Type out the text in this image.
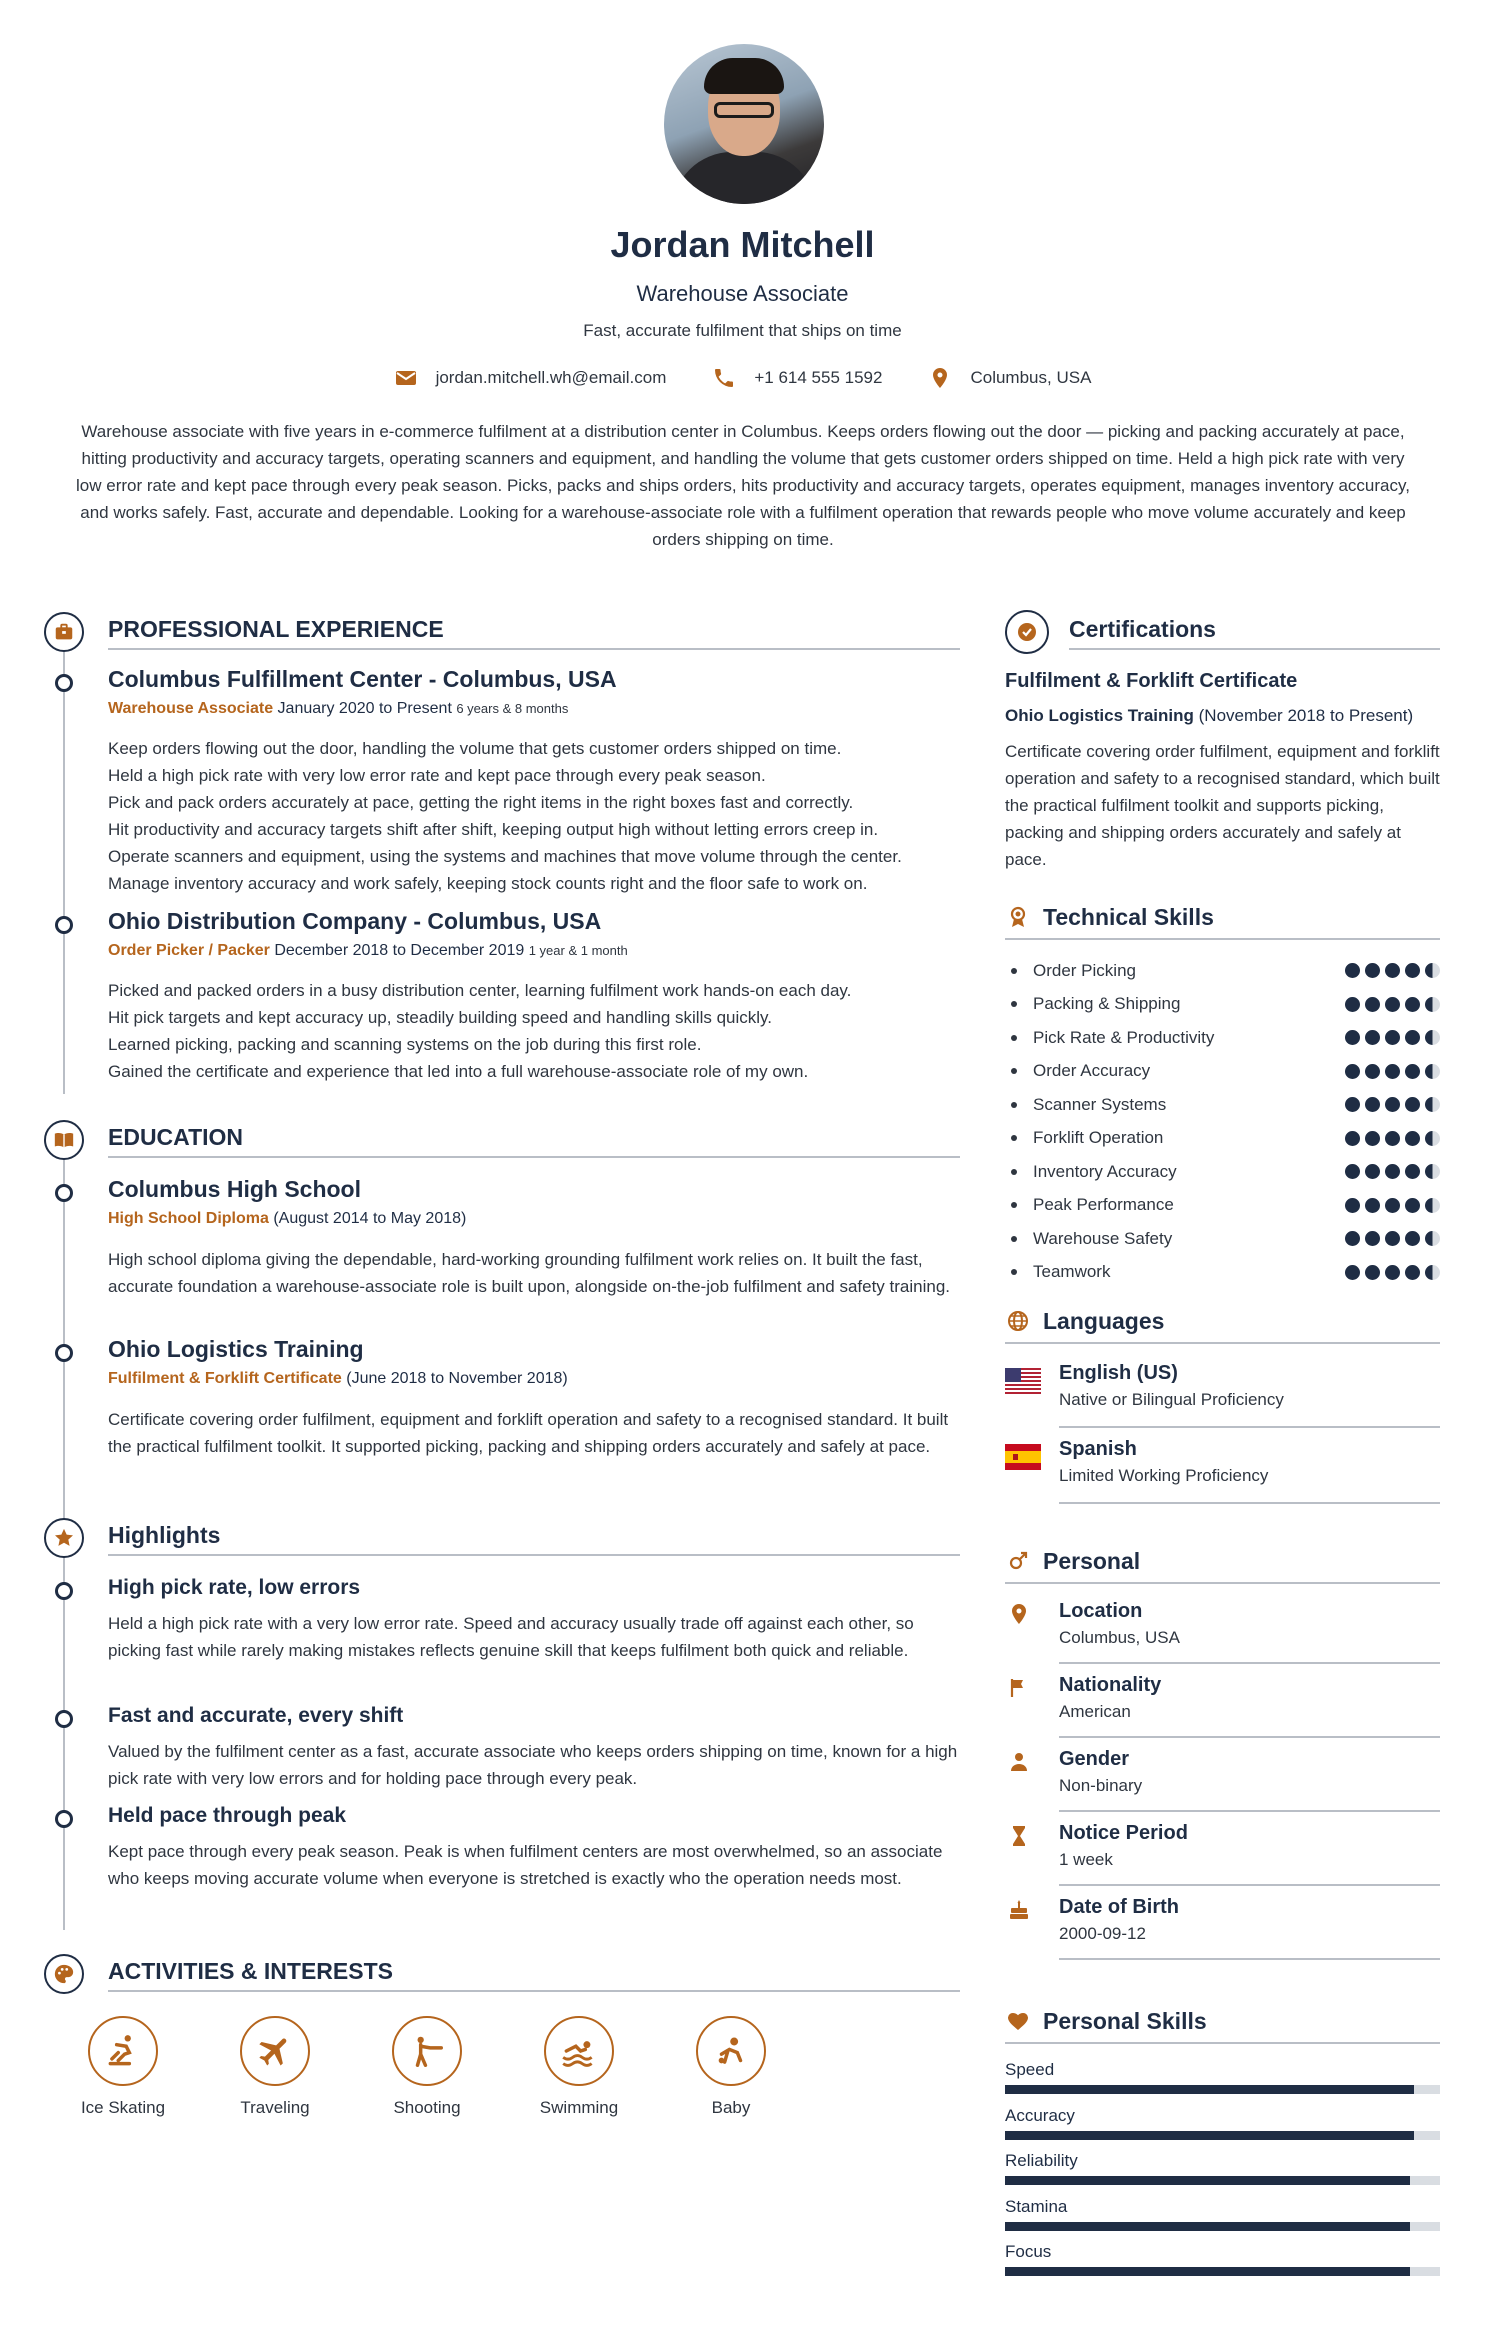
Jordan Mitchell
Warehouse Associate
Fast, accurate fulfilment that ships on time
jordan.mitchell.wh@email.com	+1 614 555 1592	Columbus, USA
Warehouse associate with five years in e-commerce fulfilment at a distribution center in Columbus. Keeps orders flowing out the door — picking and packing accurately at pace, hitting productivity and accuracy targets, operating scanners and equipment, and handling the volume that gets customer orders shipped on time. Held a high pick rate with very low error rate and kept pace through every peak season. Picks, packs and ships orders, hits productivity and accuracy targets, operates equipment, manages inventory accuracy, and works safely. Fast, accurate and dependable. Looking for a warehouse-associate role with a fulfilment operation that rewards people who move volume accurately and keep orders shipping on time.
PROFESSIONAL EXPERIENCE
Columbus Fulfillment Center - Columbus, USA
Warehouse Associate January 2020 to Present 6 years & 8 months
Keep orders flowing out the door, handling the volume that gets customer orders shipped on time.
Held a high pick rate with very low error rate and kept pace through every peak season.
Pick and pack orders accurately at pace, getting the right items in the right boxes fast and correctly.
Hit productivity and accuracy targets shift after shift, keeping output high without letting errors creep in.
Operate scanners and equipment, using the systems and machines that move volume through the center.
Manage inventory accuracy and work safely, keeping stock counts right and the floor safe to work on.
Ohio Distribution Company - Columbus, USA
Order Picker / Packer December 2018 to December 2019 1 year & 1 month
Picked and packed orders in a busy distribution center, learning fulfilment work hands-on each day.
Hit pick targets and kept accuracy up, steadily building speed and handling skills quickly.
Learned picking, packing and scanning systems on the job during this first role.
Gained the certificate and experience that led into a full warehouse-associate role of my own.
EDUCATION
Columbus High School
High School Diploma (August 2014 to May 2018)
High school diploma giving the dependable, hard-working grounding fulfilment work relies on. It built the fast, accurate foundation a warehouse-associate role is built upon, alongside on-the-job fulfilment and safety training.
Ohio Logistics Training
Fulfilment & Forklift Certificate (June 2018 to November 2018)
Certificate covering order fulfilment, equipment and forklift operation and safety to a recognised standard. It built the practical fulfilment toolkit. It supported picking, packing and shipping orders accurately and safely at pace.
Highlights
High pick rate, low errors
Held a high pick rate with a very low error rate. Speed and accuracy usually trade off against each other, so picking fast while rarely making mistakes reflects genuine skill that keeps fulfilment both quick and reliable.
Fast and accurate, every shift
Valued by the fulfilment center as a fast, accurate associate who keeps orders shipping on time, known for a high pick rate with very low errors and for holding pace through every peak.
Held pace through peak
Kept pace through every peak season. Peak is when fulfilment centers are most overwhelmed, so an associate who keeps moving accurate volume when everyone is stretched is exactly who the operation needs most.
ACTIVITIES & INTERESTS
Ice Skating	Traveling	Shooting	Swimming	Baby
Certifications
Fulfilment & Forklift Certificate
Ohio Logistics Training (November 2018 to Present)
Certificate covering order fulfilment, equipment and forklift operation and safety to a recognised standard, which built the practical fulfilment toolkit and supports picking, packing and shipping orders accurately and safely at pace.
Technical Skills
Order Picking
Packing & Shipping
Pick Rate & Productivity
Order Accuracy
Scanner Systems
Forklift Operation
Inventory Accuracy
Peak Performance
Warehouse Safety
Teamwork
Languages
English (US)
Native or Bilingual Proficiency
Spanish
Limited Working Proficiency
Personal
Location
Columbus, USA
Nationality
American
Gender
Non-binary
Notice Period
1 week
Date of Birth
2000-09-12
Personal Skills
Speed
Accuracy
Reliability
Stamina
Focus
